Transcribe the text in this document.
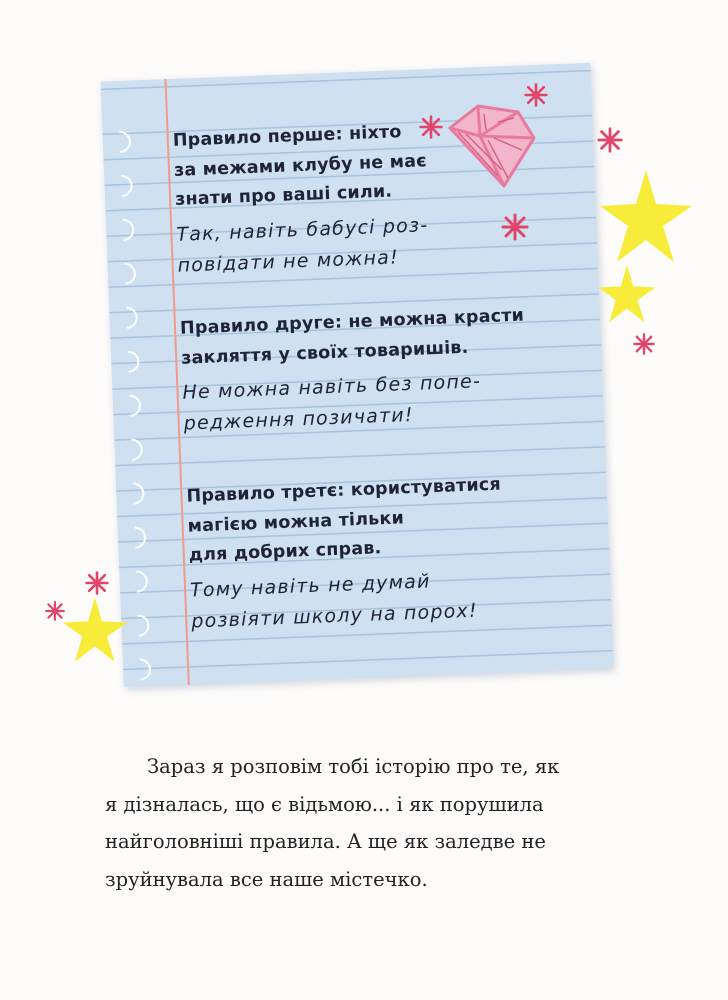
Правило перше: ніхто
за межами клубу не має
знати про ваші сили.
Так, навіть бабусі роз-
повідати не можна!
Правило друге: не можна красти
закляття у своїх товаришів.
Не можна навіть без попе-
редження позичати!
Правило третє: користуватися
магією можна тільки
для добрих справ.
Тому навіть не думай
розвіяти школу на порох!
Зараз я розповім тобі історію про те, як
я дізналась, що є відьмою... і як порушила
найголовніші правила. А ще як заледве не
зруйнувала все наше містечко.
